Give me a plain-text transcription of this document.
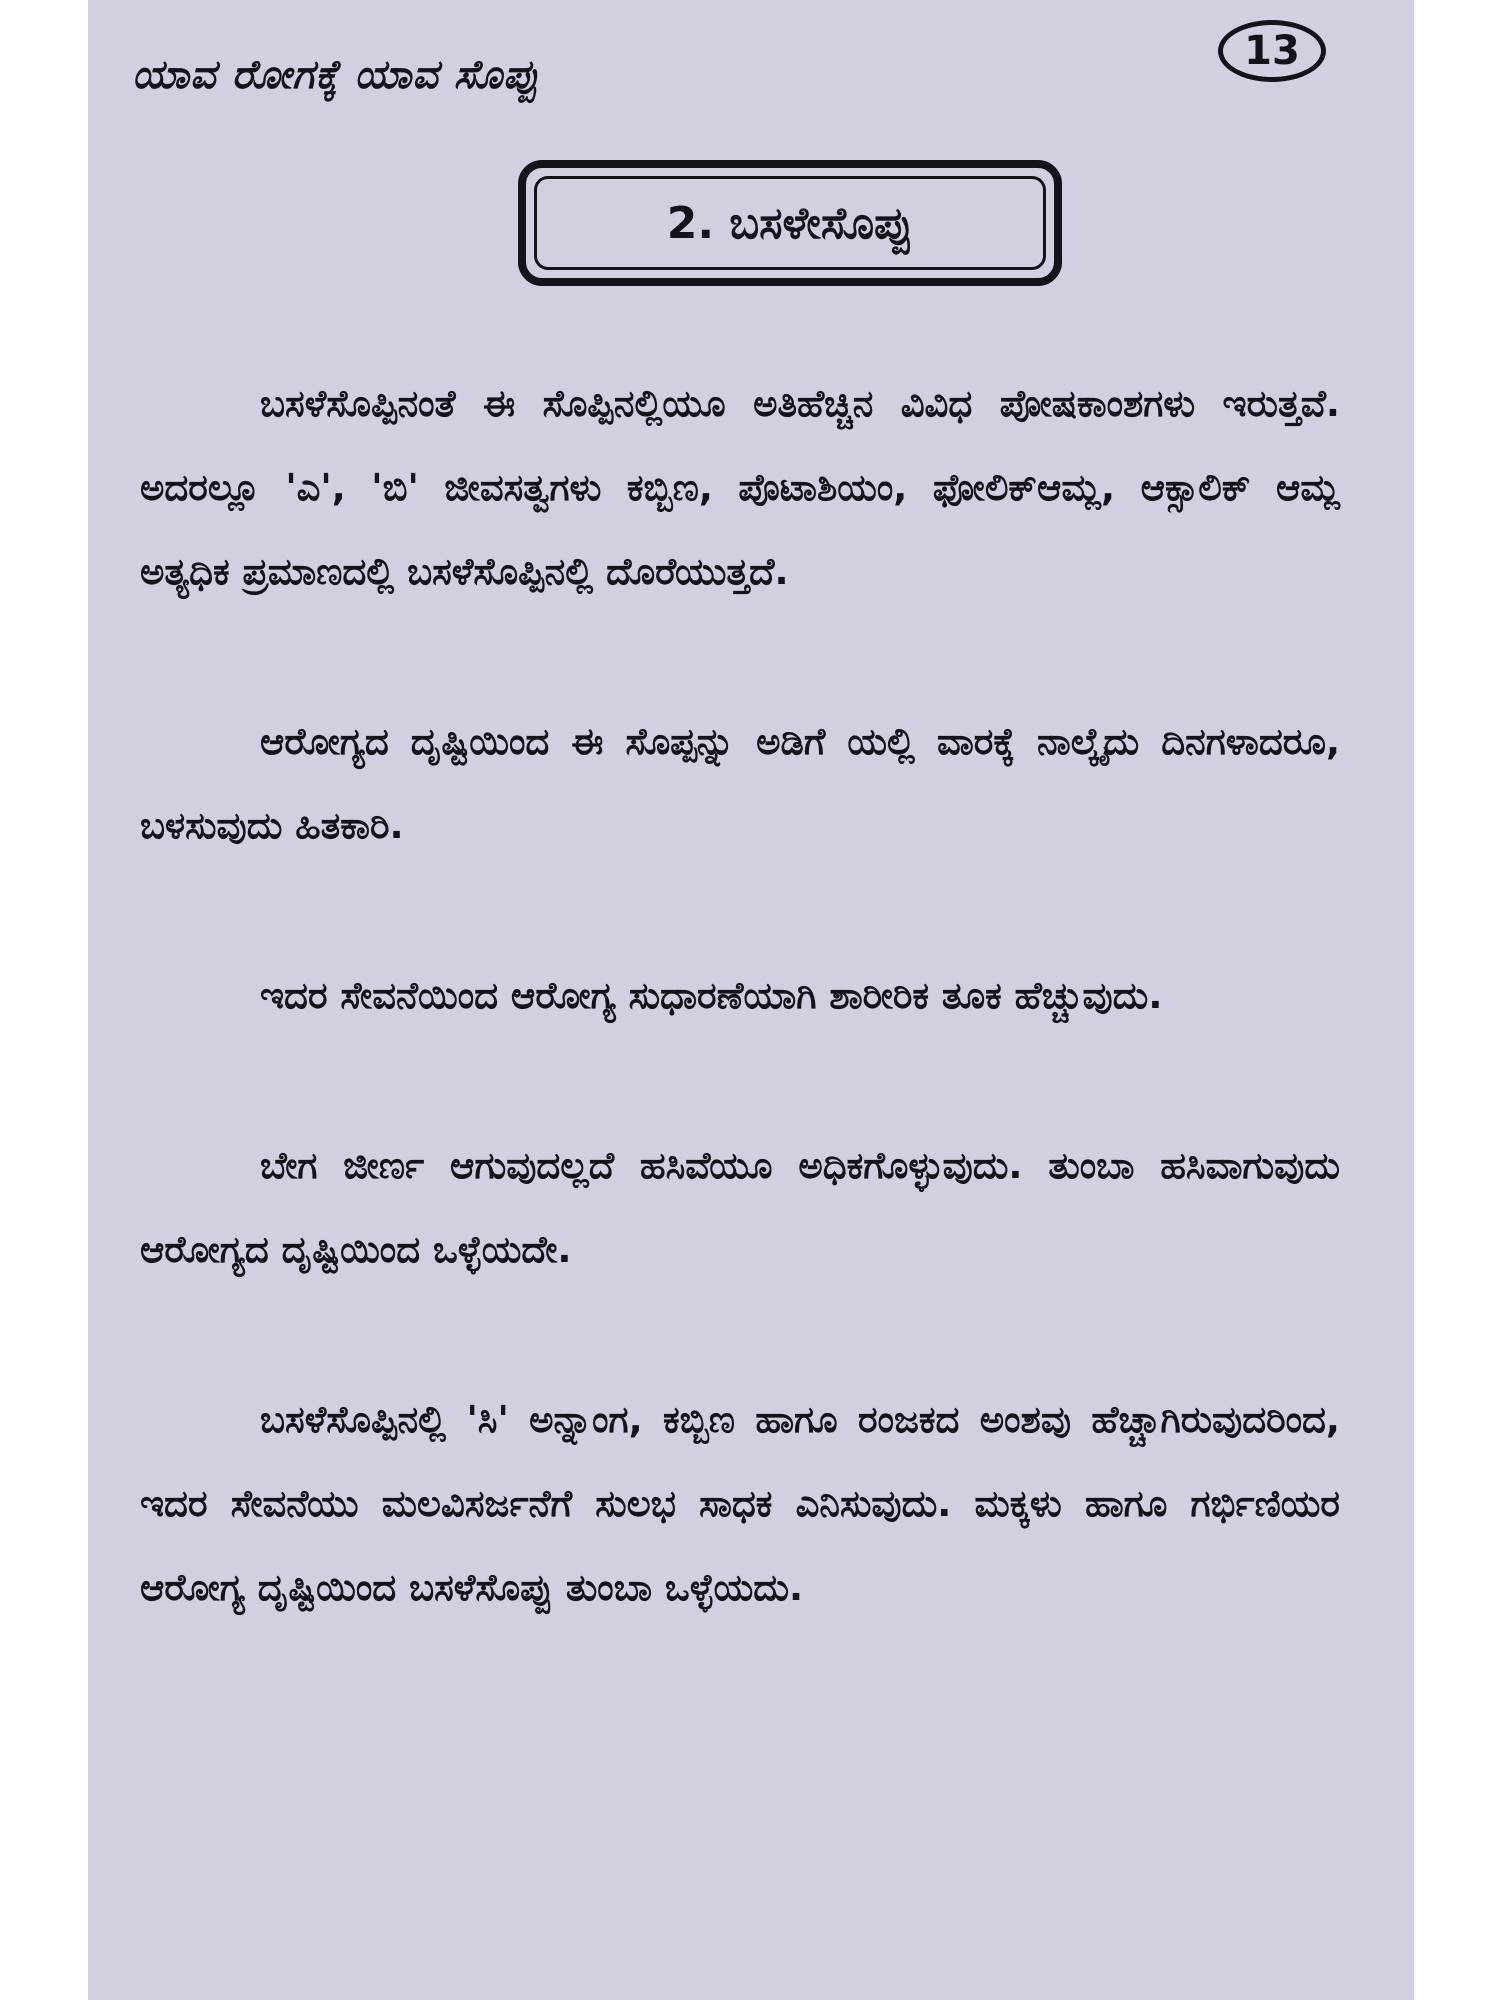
ಯಾವ ರೋಗಕ್ಕೆ ಯಾವ ಸೊಪ್ಪು
13
2. ಬಸಳೇಸೊಪ್ಪು

ಬಸಳೆಸೊಪ್ಪಿನಂತೆ ಈ ಸೊಪ್ಪಿನಲ್ಲಿಯೂ ಅತಿಹೆಚ್ಚಿನ ವಿವಿಧ ಪೋಷಕಾಂಶಗಳು ಇರುತ್ತವೆ. ಅದರಲ್ಲೂ 'ಎ', 'ಬಿ' ಜೀವಸತ್ವಗಳು ಕಬ್ಬಿಣ, ಪೊಟಾಶಿಯಂ, ಫೋಲಿಕ್‌ಆಮ್ಲ, ಆಕ್ಸಾಲಿಕ್ ಆಮ್ಲ ಅತ್ಯಧಿಕ ಪ್ರಮಾಣದಲ್ಲಿ ಬಸಳೆಸೊಪ್ಪಿನಲ್ಲಿ ದೊರೆಯುತ್ತದೆ.

ಆರೋಗ್ಯದ ದೃಷ್ಟಿಯಿಂದ ಈ ಸೊಪ್ಪನ್ನು ಅಡಿಗೆ ಯಲ್ಲಿ ವಾರಕ್ಕೆ ನಾಲ್ಕೈದು ದಿನಗಳಾದರೂ, ಬಳಸುವುದು ಹಿತಕಾರಿ.

ಇದರ ಸೇವನೆಯಿಂದ ಆರೋಗ್ಯ ಸುಧಾರಣೆಯಾಗಿ ಶಾರೀರಿಕ ತೂಕ ಹೆಚ್ಚುವುದು.

ಬೇಗ ಜೀರ್ಣ ಆಗುವುದಲ್ಲದೆ ಹಸಿವೆಯೂ ಅಧಿಕಗೊಳ್ಳುವುದು. ತುಂಬಾ ಹಸಿವಾಗುವುದು ಆರೋಗ್ಯದ ದೃಷ್ಟಿಯಿಂದ ಒಳ್ಳೆಯದೇ.

ಬಸಳೆಸೊಪ್ಪಿನಲ್ಲಿ 'ಸಿ' ಅನ್ನಾಂಗ, ಕಬ್ಬಿಣ ಹಾಗೂ ರಂಜಕದ ಅಂಶವು ಹೆಚ್ಚಾಗಿರುವುದರಿಂದ, ಇದರ ಸೇವನೆಯು ಮಲವಿಸರ್ಜನೆಗೆ ಸುಲಭ ಸಾಧಕ ಎನಿಸುವುದು. ಮಕ್ಕಳು ಹಾಗೂ ಗರ್ಭಿಣಿಯರ ಆರೋಗ್ಯ ದೃಷ್ಟಿಯಿಂದ ಬಸಳೆಸೊಪ್ಪು ತುಂಬಾ ಒಳ್ಳೆಯದು.
